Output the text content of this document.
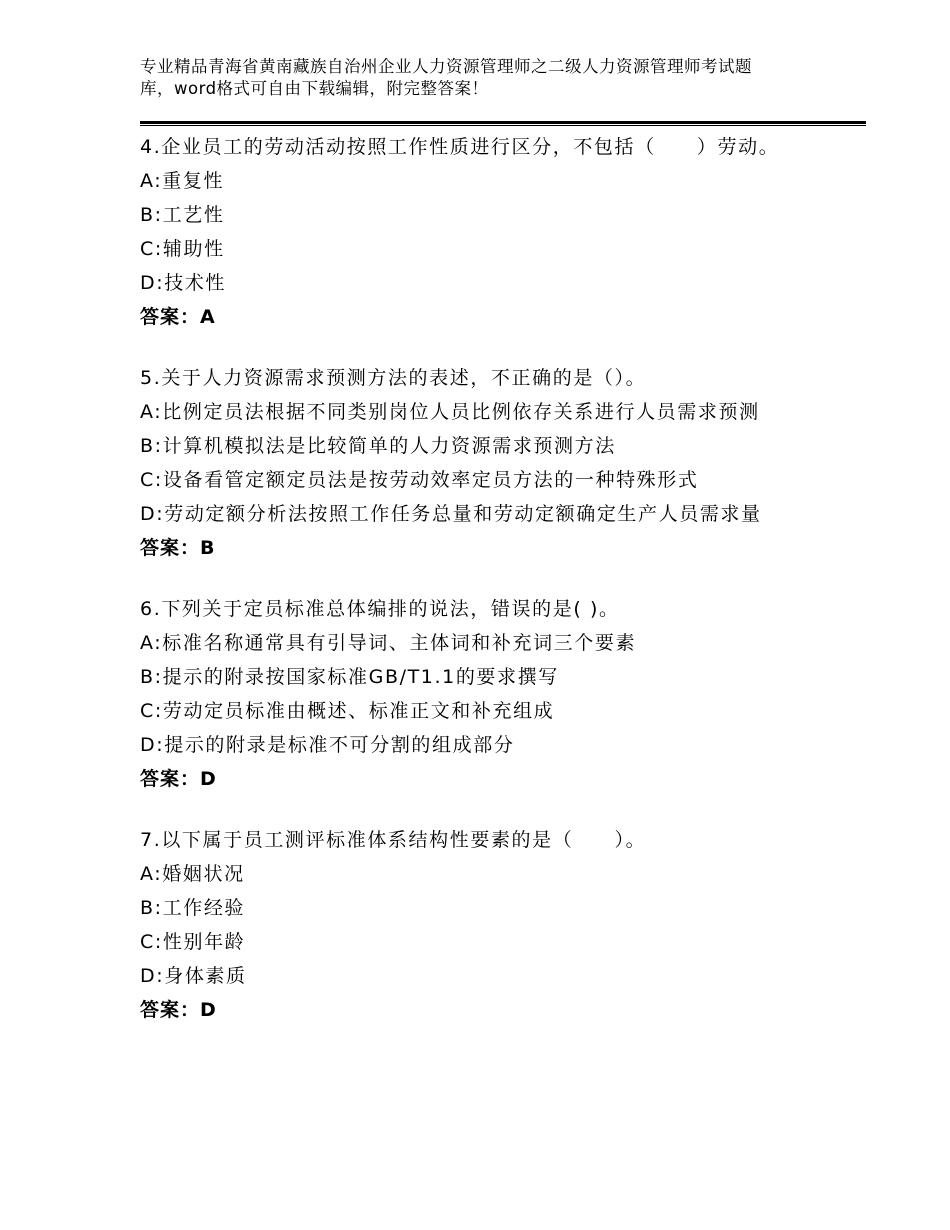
专业精品青海省黄南藏族自治州企业人力资源管理师之二级人力资源管理师考试题
库，word格式可自由下载编辑，附完整答案！
4.企业员工的劳动活动按照工作性质进行区分，不包括（　　）劳动。
A:重复性
B:工艺性
C:辅助性
D:技术性
答案：A
5.关于人力资源需求预测方法的表述，不正确的是（）。
A:比例定员法根据不同类别岗位人员比例依存关系进行人员需求预测
B:计算机模拟法是比较简单的人力资源需求预测方法
C:设备看管定额定员法是按劳动效率定员方法的一种特殊形式
D:劳动定额分析法按照工作任务总量和劳动定额确定生产人员需求量
答案：B
6.下列关于定员标准总体编排的说法，错误的是( )。
A:标准名称通常具有引导词、主体词和补充词三个要素
B:提示的附录按国家标准GB/T1.1的要求撰写
C:劳动定员标准由概述、标准正文和补充组成
D:提示的附录是标准不可分割的组成部分
答案：D
7.以下属于员工测评标准体系结构性要素的是（　　）。
A:婚姻状况
B:工作经验
C:性别年龄
D:身体素质
答案：D
